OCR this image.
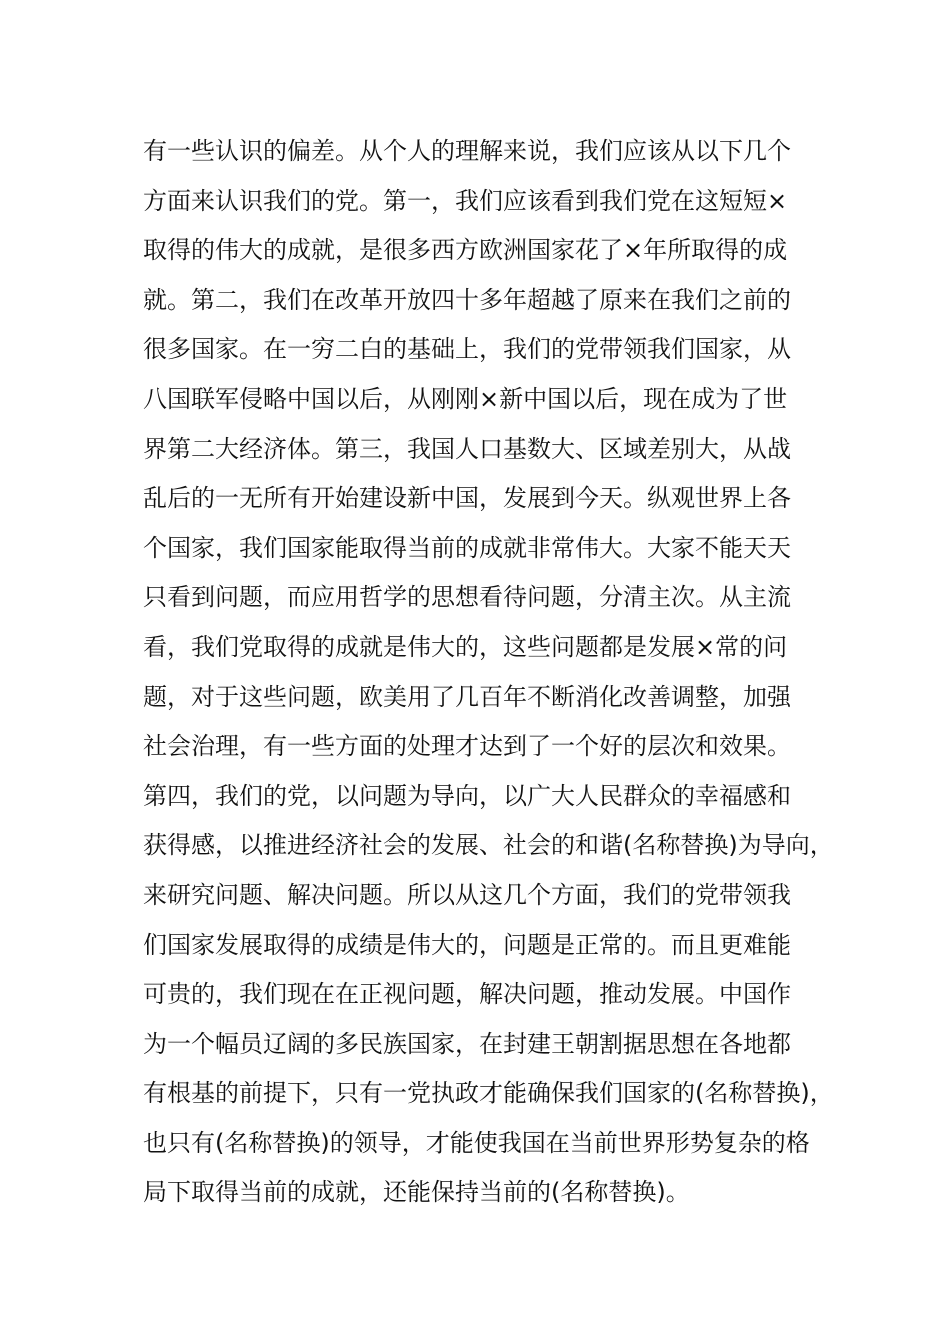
有一些认识的偏差。从个人的理解来说，我们应该从以下几个
方面来认识我们的党。第一，我们应该看到我们党在这短短×
取得的伟大的成就，是很多西方欧洲国家花了×年所取得的成
就。第二，我们在改革开放四十多年超越了原来在我们之前的
很多国家。在一穷二白的基础上，我们的党带领我们国家，从
八国联军侵略中国以后，从刚刚×新中国以后，现在成为了世
界第二大经济体。第三，我国人口基数大、区域差别大，从战
乱后的一无所有开始建设新中国，发展到今天。纵观世界上各
个国家，我们国家能取得当前的成就非常伟大。大家不能天天
只看到问题，而应用哲学的思想看待问题，分清主次。从主流
看，我们党取得的成就是伟大的，这些问题都是发展×常的问
题，对于这些问题，欧美用了几百年不断消化改善调整，加强
社会治理，有一些方面的处理才达到了一个好的层次和效果。
第四，我们的党，以问题为导向，以广大人民群众的幸福感和
获得感，以推进经济社会的发展、社会的和谐(名称替换)为导向，
来研究问题、解决问题。所以从这几个方面，我们的党带领我
们国家发展取得的成绩是伟大的，问题是正常的。而且更难能
可贵的，我们现在在正视问题，解决问题，推动发展。中国作
为一个幅员辽阔的多民族国家，在封建王朝割据思想在各地都
有根基的前提下，只有一党执政才能确保我们国家的(名称替换)，
也只有(名称替换)的领导，才能使我国在当前世界形势复杂的格
局下取得当前的成就，还能保持当前的(名称替换)。
